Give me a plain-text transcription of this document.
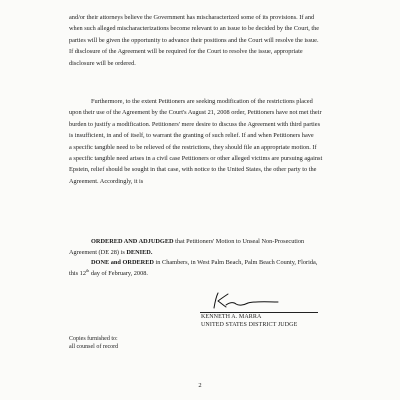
and/or their attorneys believe the Government has mischaracterized some of its provisions. If and
when such alleged mischaracterizations become relevant to an issue to be decided by the Court, the
parties will be given the opportunity to advance their positions and the Court will resolve the issue.
If disclosure of the Agreement will be required for the Court to resolve the issue, appropriate
disclosure will be ordered.
Furthermore, to the extent Petitioners are seeking modification of the restrictions placed
upon their use of the Agreement by the Court's August 21, 2008 order, Petitioners have not met their
burden to justify a modification. Petitioners' mere desire to discuss the Agreement with third parties
is insufficient, in and of itself, to warrant the granting of such relief. If and when Petitioners have
a specific tangible need to be relieved of the restrictions, they should file an appropriate motion. If
a specific tangible need arises in a civil case Petitioners or other alleged victims are pursuing against
Epstein, relief should be sought in that case, with notice to the United States, the other party to the
Agreement. Accordingly, it is
ORDERED AND ADJUDGED that Petitioners' Motion to Unseal Non-Prosecution
Agreement (DE 28) is DENIED.
DONE and ORDERED in Chambers, in West Palm Beach, Palm Beach County, Florida,
this 12th day of February, 2008.
KENNETH A. MARRA
UNITED STATES DISTRICT JUDGE
Copies furnished to:
all counsel of record
2
